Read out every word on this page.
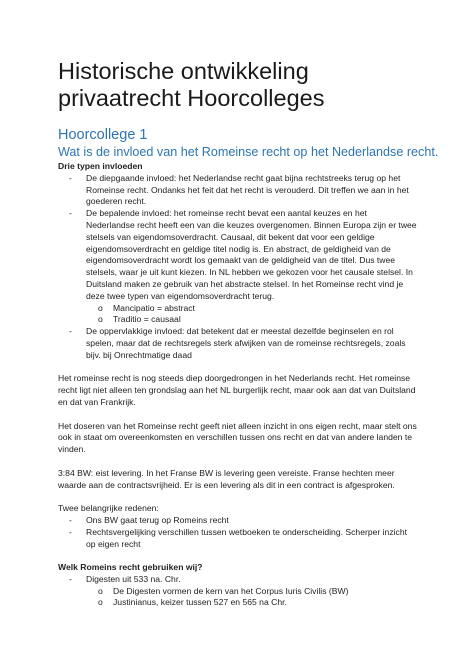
Historische ontwikkeling privaatrecht Hoorcolleges
Hoorcollege 1
Wat is de invloed van het Romeinse recht op het Nederlandse recht.

Drie typen invloeden

- De diepgaande invloed: het Nederlandse recht gaat bijna rechtstreeks terug op het Romeinse recht. Ondanks het feit dat het recht is verouderd. Dit treffen we aan in het goederen recht.
- De bepalende invloed: het romeinse recht bevat een aantal keuzes en het Nederlandse recht heeft een van die keuzes overgenomen. Binnen Europa zijn er twee stelsels van eigendomsoverdracht. Causaal, dit bekent dat voor een geldige eigendomsoverdracht en geldige titel nodig is. En abstract, de geldigheid van de eigendomsoverdracht wordt los gemaakt van de geldigheid van de titel. Dus twee stelsels, waar je uit kunt kiezen. In NL hebben we gekozen voor het causale stelsel. In Duitsland maken ze gebruik van het abstracte stelsel. In het Romeinse recht vind je deze twee typen van eigendomsoverdracht terug.
o Mancipatio = abstract
o Traditio = causaal
- De oppervlakkige invloed: dat betekent dat er meestal dezelfde beginselen en rol spelen, maar dat de rechtsregels sterk afwijken van de romeinse rechtsregels, zoals bijv. bij Onrechtmatige daad

Het romeinse recht is nog steeds diep doorgedrongen in het Nederlands recht. Het romeinse recht ligt niet alleen ten grondslag aan het NL burgerlijk recht, maar ook aan dat van Duitsland en dat van Frankrijk.

Het doseren van het Romeinse recht geeft niet alleen inzicht in ons eigen recht, maar stelt ons ook in staat om overeenkomsten en verschillen tussen ons recht en dat van andere landen te vinden.

3:84 BW: eist levering. In het Franse BW is levering geen vereiste. Franse hechten meer waarde aan de contractsvrijheid. Er is een levering als dit in een contract is afgesproken.

Twee belangrijke redenen:

- Ons BW gaat terug op Romeins recht
- Rechtsvergelijking verschillen tussen wetboeken te onderscheiding. Scherper inzicht op eigen recht

Welk Romeins recht gebruiken wij?

- Digesten uit 533 na. Chr.
o De Digesten vormen de kern van het Corpus Iuris Civilis (BW)
o Justinianus, keizer tussen 527 en 565 na Chr.
